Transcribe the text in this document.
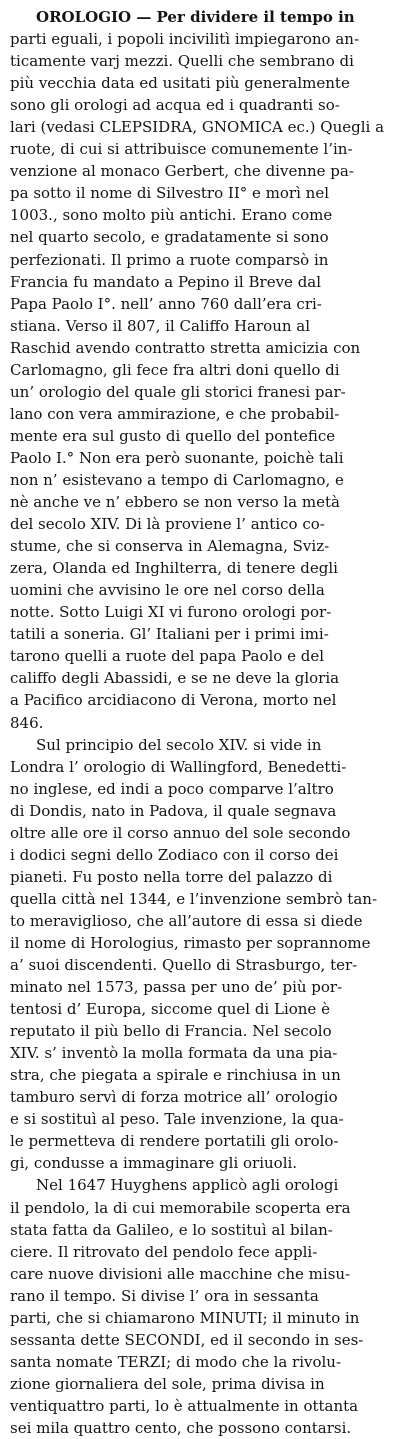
OROLOGIO — Per dividere il tempo in
parti eguali, i popoli incivilitì impiegarono an-
ticamente varj mezzi. Quelli che sembrano di
più vecchia data ed usitati più generalmente
sono gli orologi ad acqua ed i quadranti so-
lari (vedasi CLEPSIDRA, GNOMICA ec.) Quegli a
ruote, di cui si attribuisce comunemente l’in-
venzione al monaco Gerbert, che divenne pa-
pa sotto il nome di Silvestro II° e morì nel
1003., sono molto più antichi. Erano come
nel quarto secolo, e gradatamente si sono
perfezionati. Il primo a ruote comparsò in
Francia fu mandato a Pepino il Breve dal
Papa Paolo I°. nell’ anno 760 dall’era cri-
stiana. Verso il 807, il Califfo Haroun al
Raschid avendo contratto stretta amicizia con
Carlomagno, gli fece fra altri doni quello di
un’ orologio del quale gli storici franesi par-
lano con vera ammirazione, e che probabil-
mente era sul gusto di quello del pontefice
Paolo I.° Non era però suonante, poichè tali
non n’ esistevano a tempo di Carlomagno, e
nè anche ve n’ ebbero se non verso la metà
del secolo XIV. Di là proviene l’ antico co-
stume, che si conserva in Alemagna, Sviz-
zera, Olanda ed Inghilterra, di tenere degli
uomini che avvisino le ore nel corso della
notte. Sotto Luigi XI vi furono orologi por-
tatili a soneria. Gl’ Italiani per i primi imi-
tarono quelli a ruote del papa Paolo e del
califfo degli Abassidi, e se ne deve la gloria
a Pacifico arcidiacono di Verona, morto nel
846.
Sul principio del secolo XIV. si vide in
Londra l’ orologio di Wallingford, Benedetti-
no inglese, ed indi a poco comparve l’altro
di Dondis, nato in Padova, il quale segnava
oltre alle ore il corso annuo del sole secondo
i dodici segni dello Zodiaco con il corso dei
pianeti. Fu posto nella torre del palazzo di
quella città nel 1344, e l’invenzione sembrò tan-
to meraviglioso, che all’autore di essa si diede
il nome di Horologius, rimasto per soprannome
a’ suoi discendenti. Quello di Strasburgo, ter-
minato nel 1573, passa per uno de’ più por-
tentosi d’ Europa, siccome quel di Lione è
reputato il più bello di Francia. Nel secolo
XIV. s’ inventò la molla formata da una pia-
stra, che piegata a spirale e rinchiusa in un
tamburo servì di forza motrice all’ orologio
e si sostituì al peso. Tale invenzione, la qua-
le permetteva di rendere portatili gli orolo-
gi, condusse a immaginare gli oriuoli.
Nel 1647 Huyghens applicò agli orologi
il pendolo, la di cui memorabile scoperta era
stata fatta da Galileo, e lo sostituì al bilan-
ciere. Il ritrovato del pendolo fece appli-
care nuove divisioni alle macchine che misu-
rano il tempo. Si divise l’ ora in sessanta
parti, che si chiamarono MINUTI; il minuto in
sessanta dette SECONDI, ed il secondo in ses-
santa nomate TERZI; di modo che la rivolu-
zione giornaliera del sole, prima divisa in
ventiquattro parti, lo è attualmente in ottanta
sei mila quattro cento, che possono contarsi.
